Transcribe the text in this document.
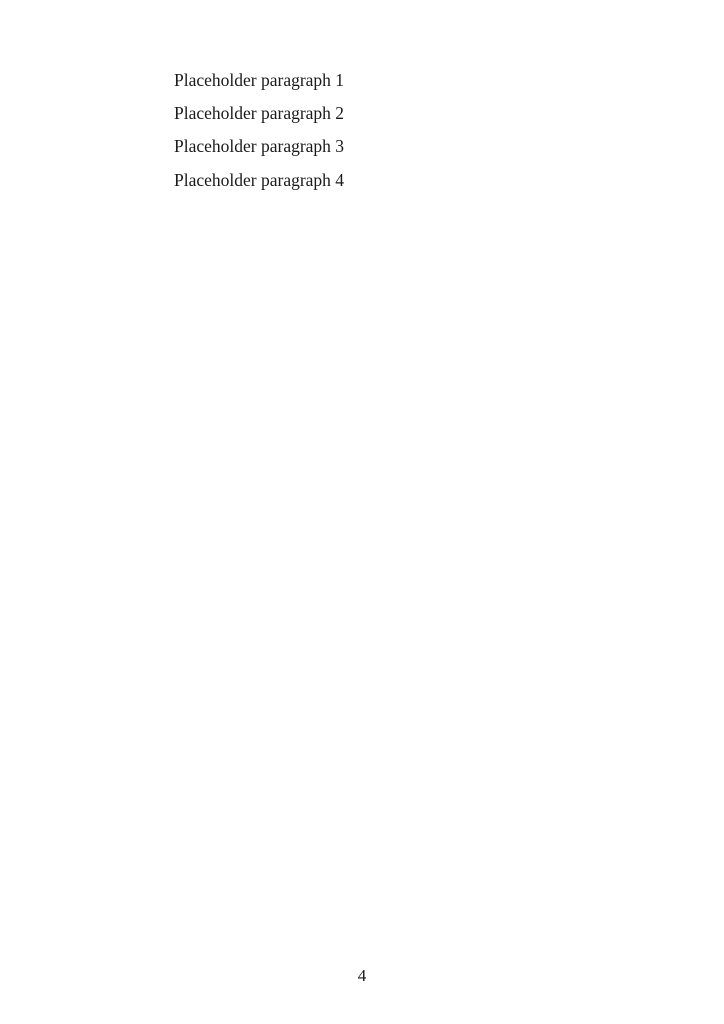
Placeholder paragraph 1

Placeholder paragraph 2

Placeholder paragraph 3

Placeholder paragraph 4

4
